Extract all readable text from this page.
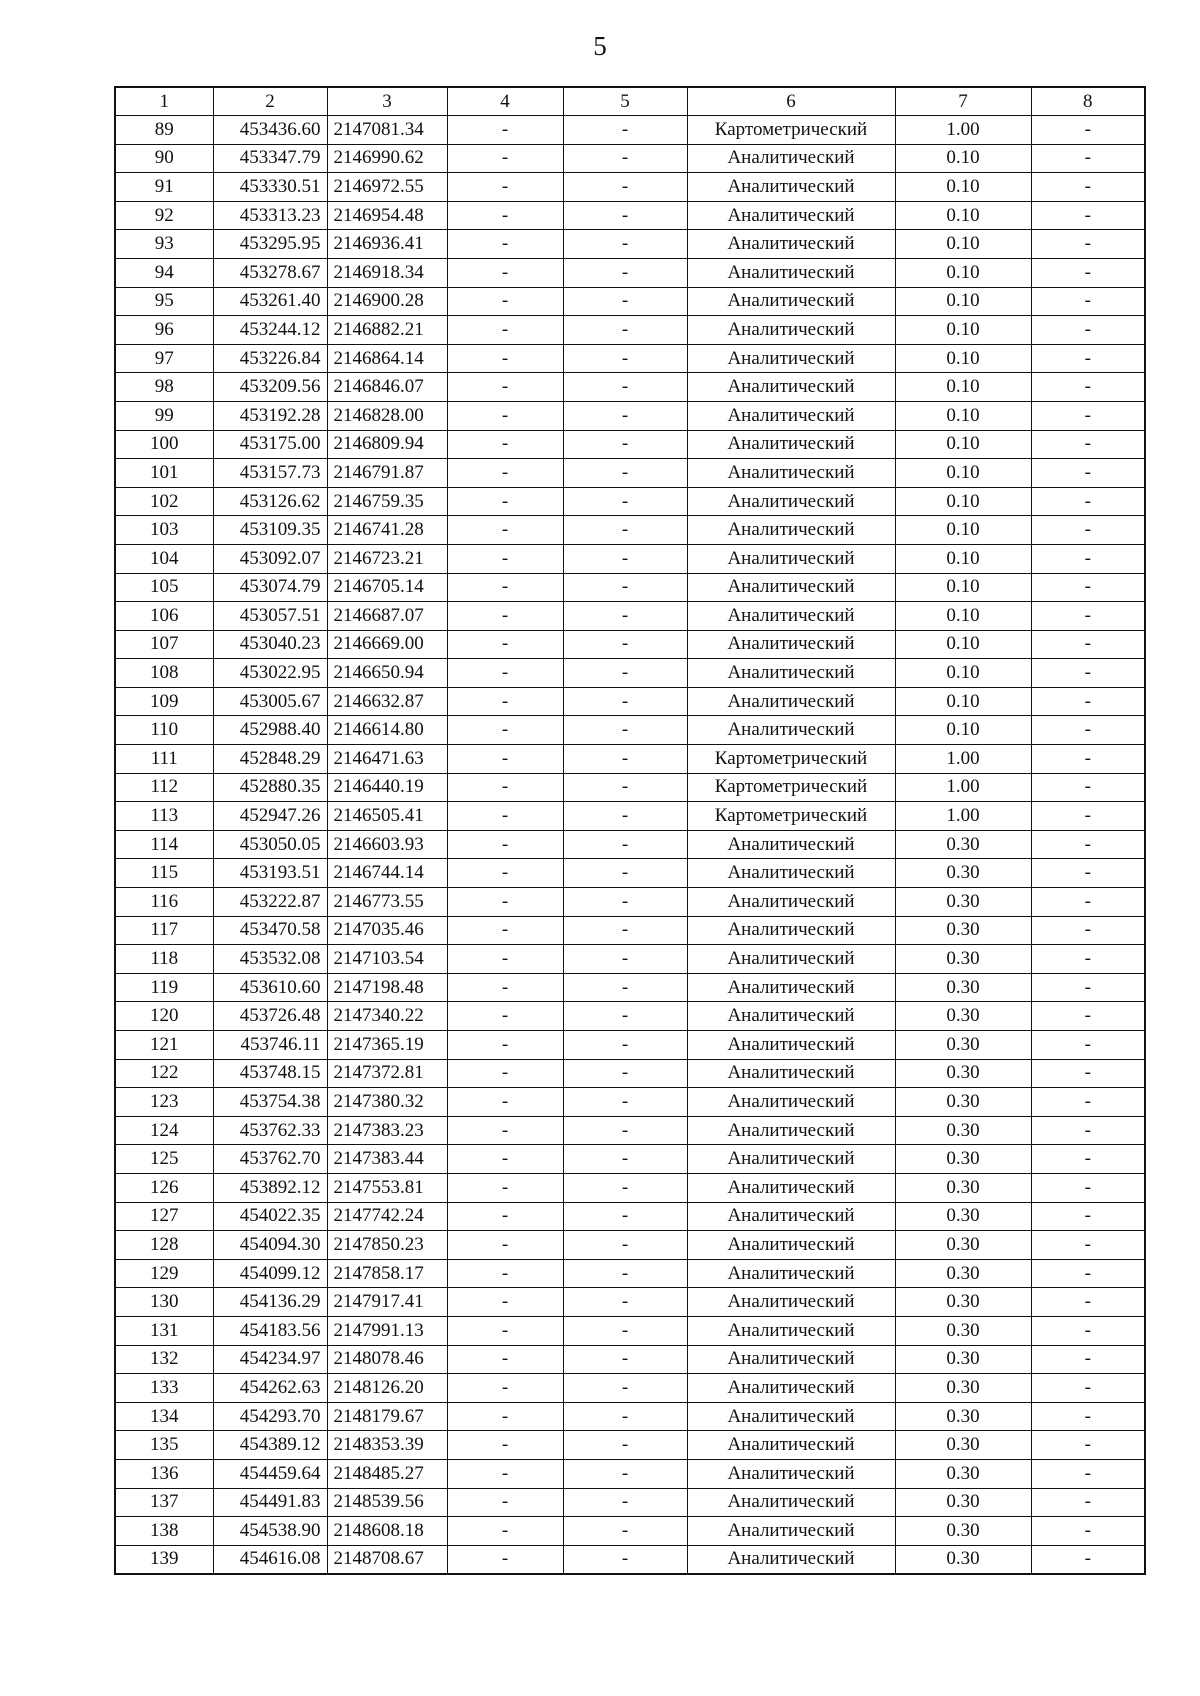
5
1	2	3	4	5	6	7	8
89	453436.60	2147081.34	-	-	Картометрический	1.00	-
90	453347.79	2146990.62	-	-	Аналитический	0.10	-
91	453330.51	2146972.55	-	-	Аналитический	0.10	-
92	453313.23	2146954.48	-	-	Аналитический	0.10	-
93	453295.95	2146936.41	-	-	Аналитический	0.10	-
94	453278.67	2146918.34	-	-	Аналитический	0.10	-
95	453261.40	2146900.28	-	-	Аналитический	0.10	-
96	453244.12	2146882.21	-	-	Аналитический	0.10	-
97	453226.84	2146864.14	-	-	Аналитический	0.10	-
98	453209.56	2146846.07	-	-	Аналитический	0.10	-
99	453192.28	2146828.00	-	-	Аналитический	0.10	-
100	453175.00	2146809.94	-	-	Аналитический	0.10	-
101	453157.73	2146791.87	-	-	Аналитический	0.10	-
102	453126.62	2146759.35	-	-	Аналитический	0.10	-
103	453109.35	2146741.28	-	-	Аналитический	0.10	-
104	453092.07	2146723.21	-	-	Аналитический	0.10	-
105	453074.79	2146705.14	-	-	Аналитический	0.10	-
106	453057.51	2146687.07	-	-	Аналитический	0.10	-
107	453040.23	2146669.00	-	-	Аналитический	0.10	-
108	453022.95	2146650.94	-	-	Аналитический	0.10	-
109	453005.67	2146632.87	-	-	Аналитический	0.10	-
110	452988.40	2146614.80	-	-	Аналитический	0.10	-
111	452848.29	2146471.63	-	-	Картометрический	1.00	-
112	452880.35	2146440.19	-	-	Картометрический	1.00	-
113	452947.26	2146505.41	-	-	Картометрический	1.00	-
114	453050.05	2146603.93	-	-	Аналитический	0.30	-
115	453193.51	2146744.14	-	-	Аналитический	0.30	-
116	453222.87	2146773.55	-	-	Аналитический	0.30	-
117	453470.58	2147035.46	-	-	Аналитический	0.30	-
118	453532.08	2147103.54	-	-	Аналитический	0.30	-
119	453610.60	2147198.48	-	-	Аналитический	0.30	-
120	453726.48	2147340.22	-	-	Аналитический	0.30	-
121	453746.11	2147365.19	-	-	Аналитический	0.30	-
122	453748.15	2147372.81	-	-	Аналитический	0.30	-
123	453754.38	2147380.32	-	-	Аналитический	0.30	-
124	453762.33	2147383.23	-	-	Аналитический	0.30	-
125	453762.70	2147383.44	-	-	Аналитический	0.30	-
126	453892.12	2147553.81	-	-	Аналитический	0.30	-
127	454022.35	2147742.24	-	-	Аналитический	0.30	-
128	454094.30	2147850.23	-	-	Аналитический	0.30	-
129	454099.12	2147858.17	-	-	Аналитический	0.30	-
130	454136.29	2147917.41	-	-	Аналитический	0.30	-
131	454183.56	2147991.13	-	-	Аналитический	0.30	-
132	454234.97	2148078.46	-	-	Аналитический	0.30	-
133	454262.63	2148126.20	-	-	Аналитический	0.30	-
134	454293.70	2148179.67	-	-	Аналитический	0.30	-
135	454389.12	2148353.39	-	-	Аналитический	0.30	-
136	454459.64	2148485.27	-	-	Аналитический	0.30	-
137	454491.83	2148539.56	-	-	Аналитический	0.30	-
138	454538.90	2148608.18	-	-	Аналитический	0.30	-
139	454616.08	2148708.67	-	-	Аналитический	0.30	-
